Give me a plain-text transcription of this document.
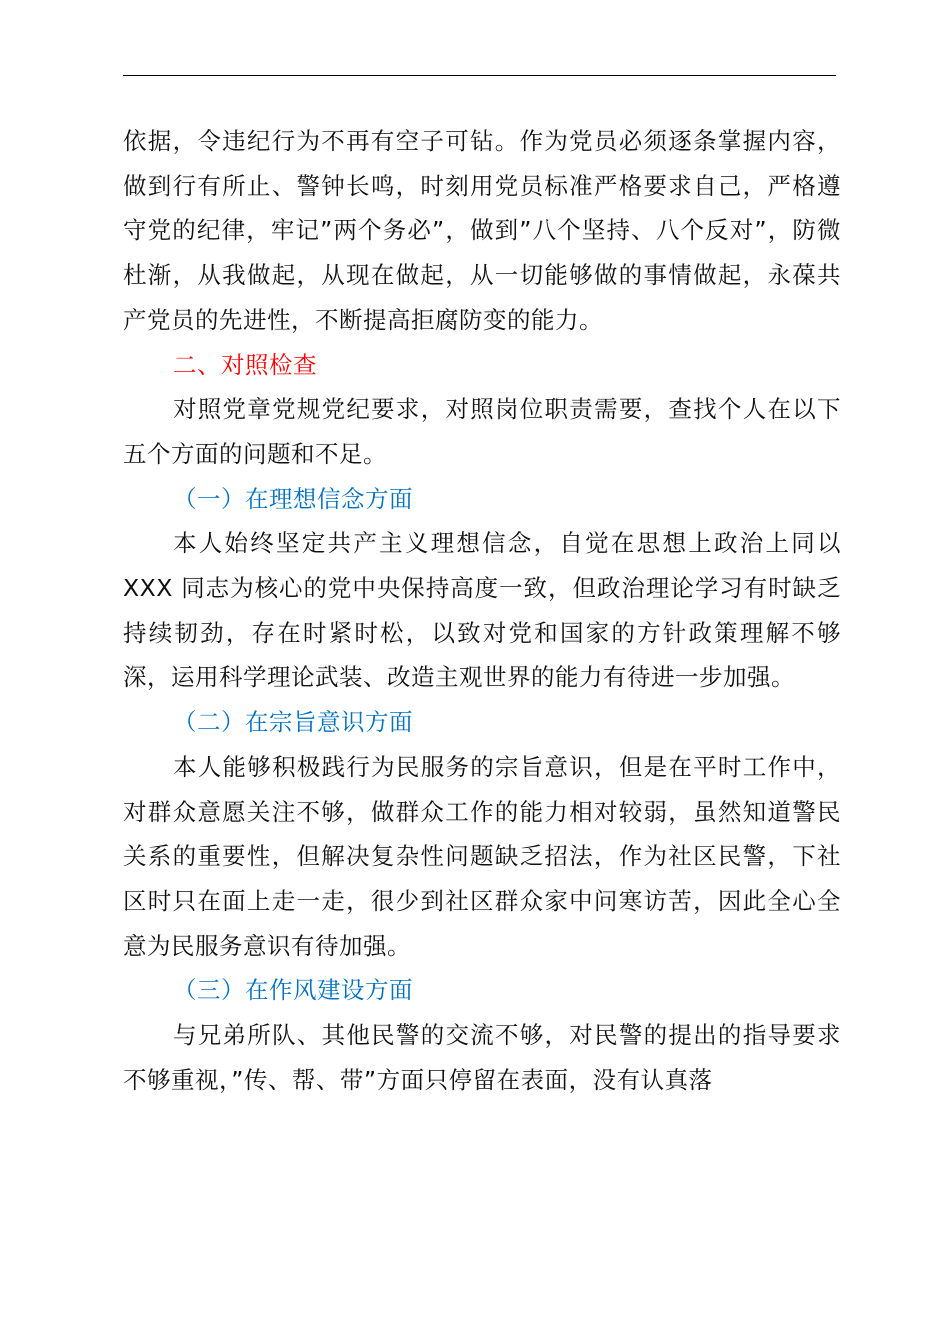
依据，令违纪行为不再有空子可钻。作为党员必须逐条掌握内容，做到行有所止、警钟长鸣，时刻用党员标准严格要求自己，严格遵守党的纪律，牢记”两个务必”，做到”八个坚持、八个反对”，防微杜渐，从我做起，从现在做起，从一切能够做的事情做起，永葆共产党员的先进性，不断提高拒腐防变的能力。

二、对照检查

对照党章党规党纪要求，对照岗位职责需要，查找个人在以下五个方面的问题和不足。

（一）在理想信念方面

本人始终坚定共产主义理想信念，自觉在思想上政治上同以 XXX 同志为核心的党中央保持高度一致，但政治理论学习有时缺乏持续韧劲，存在时紧时松，以致对党和国家的方针政策理解不够深，运用科学理论武装、改造主观世界的能力有待进一步加强。

（二）在宗旨意识方面

本人能够积极践行为民服务的宗旨意识，但是在平时工作中，对群众意愿关注不够，做群众工作的能力相对较弱，虽然知道警民关系的重要性，但解决复杂性问题缺乏招法，作为社区民警，下社区时只在面上走一走，很少到社区群众家中问寒访苦，因此全心全意为民服务意识有待加强。

（三）在作风建设方面

与兄弟所队、其他民警的交流不够，对民警的提出的指导要求不够重视，”传、帮、带”方面只停留在表面，没有认真落
